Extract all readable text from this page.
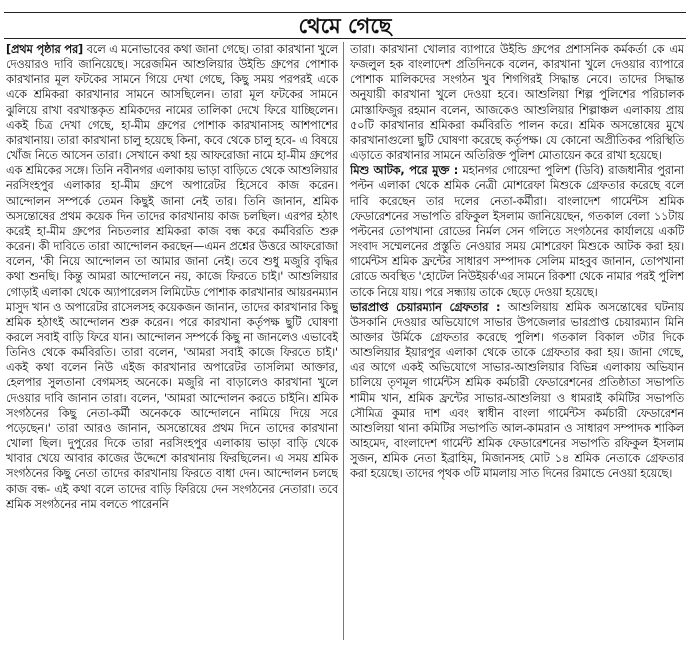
থেমে গেছে

[প্রথম পৃষ্ঠার পর] বলে এ মনোভাবের কথা জানা গেছে। তারা কারখানা খুলে দেওয়ারও দাবি জানিয়েছে। সরেজমিন আশুলিয়ার উইন্ডি গ্রুপের পোশাক কারখানার মূল ফটকের সামনে গিয়ে দেখা গেছে, কিছু সময় পরপরই একে একে শ্রমিকরা কারখানার সামনে আসছিলেন। তারা মূল ফটকের সামনে ঝুলিয়ে রাখা বরখাস্তকৃত শ্রমিকদের নামের তালিকা দেখে ফিরে যাচ্ছিলেন। একই চিত্র দেখা গেছে, হা-মীম গ্রুপের পোশাক কারখানাসহ আশপাশের কারখানায়। তারা কারখানা চালু হয়েছে কিনা, কবে থেকে চালু হবে- এ বিষয়ে খোঁজ নিতে আসেন তারা। সেখানে কথা হয় আফরোজা নামে হা-মীম গ্রুপের এক শ্রমিকের সঙ্গে। তিনি নবীনগর এলাকায় ভাড়া বাড়িতে থেকে আশুলিয়ার নরসিংহপুর এলাকার হা-মীম গ্রুপে অপারেটর হিসেবে কাজ করেন। আন্দোলন সম্পর্কে তেমন কিছুই জানা নেই তার। তিনি জানান, শ্রমিক অসন্তোষের প্রথম কয়েক দিন তাদের কারখানায় কাজ চলছিল। এরপর হঠাৎ করেই হা-মীম গ্রুপের নিচতলার শ্রমিকরা কাজ বন্ধ করে কর্মবিরতি শুরু করেন। কী দাবিতে তারা আন্দোলন করছেন—এমন প্রশ্নের উত্তরে আফরোজা বলেন, 'কী নিয়ে আন্দোলন তা আমার জানা নেই। তবে শুধু মজুরি বৃদ্ধির কথা শুনছি। কিন্তু আমরা আন্দোলনে নয়, কাজে ফিরতে চাই।' আশুলিয়ার গোড়াই এলাকা থেকে অ্যাপারেলস লিমিটেড পোশাক কারখানার আয়রনম্যান মাসুদ খান ও অপারেটর রাসেলসহ কয়েকজন জানান, তাদের কারখানার কিছু শ্রমিক হঠাৎই আন্দোলন শুরু করেন। পরে কারখানা কর্তৃপক্ষ ছুটি ঘোষণা করলে সবাই বাড়ি ফিরে যান। আন্দোলন সম্পর্কে কিছু না জানলেও এভাবেই তিনিও থেকে কর্মবিরতি। তারা বলেন, 'আমরা সবাই কাজে ফিরতে চাই।' একই কথা বলেন নিউ এইজ কারখানার অপারেটর তাসলিমা আক্তার, হেলপার সুলতানা বেগমসহ অনেকে। মজুরি না বাড়ালেও কারখানা খুলে দেওয়ার দাবি জানান তারা। বলেন, 'আমরা আন্দোলন করতে চাইনি। শ্রমিক সংগঠনের কিছু নেতা-কর্মী অনেককে আন্দোলনে নামিয়ে দিয়ে সরে পড়েছেন।' তারা আরও জানান, অসন্তোষের প্রথম দিনে তাদের কারখানা খোলা ছিল। দুপুরের দিকে তারা নরসিংহপুর এলাকায় ভাড়া বাড়ি থেকে খাবার খেয়ে আবার কাজের উদ্দেশে কারখানায় ফিরছিলেন। এ সময় শ্রমিক সংগঠনের কিছু নেতা তাদের কারখানায় ফিরতে বাধা দেন। আন্দোলন চলছে কাজ বন্ধ- এই কথা বলে তাদের বাড়ি ফিরিয়ে দেন সংগঠনের নেতারা। তবে শ্রমিক সংগঠনের নাম বলতে পারেননি

তারা। কারখানা খোলার ব্যাপারে উইন্ডি গ্রুপের প্রশাসনিক কর্মকর্তা কে এম ফজলুল হক বাংলাদেশ প্রতিদিনকে বলেন, কারখানা খুলে দেওয়ার ব্যাপারে পোশাক মালিকদের সংগঠন খুব শিগগিরই সিদ্ধান্ত নেবে। তাদের সিদ্ধান্ত অনুযায়ী কারখানা খুলে দেওয়া হবে। আশুলিয়া শিল্প পুলিশের পরিচালক মোস্তাফিজুর রহমান বলেন, আজকেও আশুলিয়ার শিল্পাঞ্চল এলাকায় প্রায় ৫০টি কারখানার শ্রমিকরা কর্মবিরতি পালন করে। শ্রমিক অসন্তোষের মুখে কারখানাগুলো ছুটি ঘোষণা করেছে কর্তৃপক্ষ। যে কোনো অপ্রীতিকর পরিস্থিতি এড়াতে কারখানার সামনে অতিরিক্ত পুলিশ মোতায়েন করে রাখা হয়েছে।

মিশু আটক, পরে মুক্ত : মহানগর গোয়েন্দা পুলিশ (ডিবি) রাজধানীর পুরানা পল্টন এলাকা থেকে শ্রমিক নেত্রী মোশরেফা মিশুকে গ্রেফতার করেছে বলে দাবি করেছেন তার দলের নেতা-কর্মীরা। বাংলাদেশ গার্মেন্টস শ্রমিক ফেডারেশনের সভাপতি রফিকুল ইসলাম জানিয়েছেন, গতকাল বেলা ১১টায় পল্টনের তোপখানা রোডের নির্মল সেন গলিতে সংগঠনের কার্যালয়ে একটি সংবাদ সম্মেলনের প্রস্তুতি নেওয়ার সময় মোশরেফা মিশুকে আটক করা হয়। গার্মেন্টস শ্রমিক ফ্রন্টের সাধারণ সম্পাদক সেলিম মাহবুব জানান, তোপখানা রোডে অবস্থিত 'হোটেল নিউইয়র্ক'এর সামনে রিকশা থেকে নামার পরই পুলিশ তাকে নিয়ে যায়। পরে সন্ধ্যায় তাকে ছেড়ে দেওয়া হয়েছে।

ভারপ্রাপ্ত চেয়ারম্যান গ্রেফতার : আশুলিয়ায় শ্রমিক অসন্তোষের ঘটনায় উসকানি দেওয়ার অভিযোগে সাভার উপজেলার ভারপ্রাপ্ত চেয়ারম্যান মিনি আক্তার উর্মিকে গ্রেফতার করেছে পুলিশ। গতকাল বিকাল ৩টার দিকে আশুলিয়ার ইয়ারপুর এলাকা থেকে তাকে গ্রেফতার করা হয়। জানা গেছে, এর আগে একই অভিযোগে সাভার-আশুলিয়ার বিভিন্ন এলাকায় অভিযান চালিয়ে তৃণমূল গার্মেন্টস শ্রমিক কর্মচারী ফেডারেশনের প্রতিষ্ঠাতা সভাপতি শামীম খান, শ্রমিক ফ্রন্টের সাভার-আশুলিয়া ও ধামরাই কমিটির সভাপতি সৌমিত্র কুমার দাশ এবং স্বাধীন বাংলা গার্মেন্টস কর্মচারী ফেডারেশন আশুলিয়া থানা কমিটির সভাপতি আল-কামরান ও সাধারণ সম্পাদক শাকিল আহমেদ, বাংলাদেশ গার্মেন্ট শ্রমিক ফেডারেশনের সভাপতি রফিকুল ইসলাম সুজন, শ্রমিক নেতা ইব্রাহিম, মিজানসহ মোট ১৪ শ্রমিক নেতাকে গ্রেফতার করা হয়েছে। তাদের পৃথক ৩টি মামলায় সাত দিনের রিমান্ডে নেওয়া হয়েছে।
